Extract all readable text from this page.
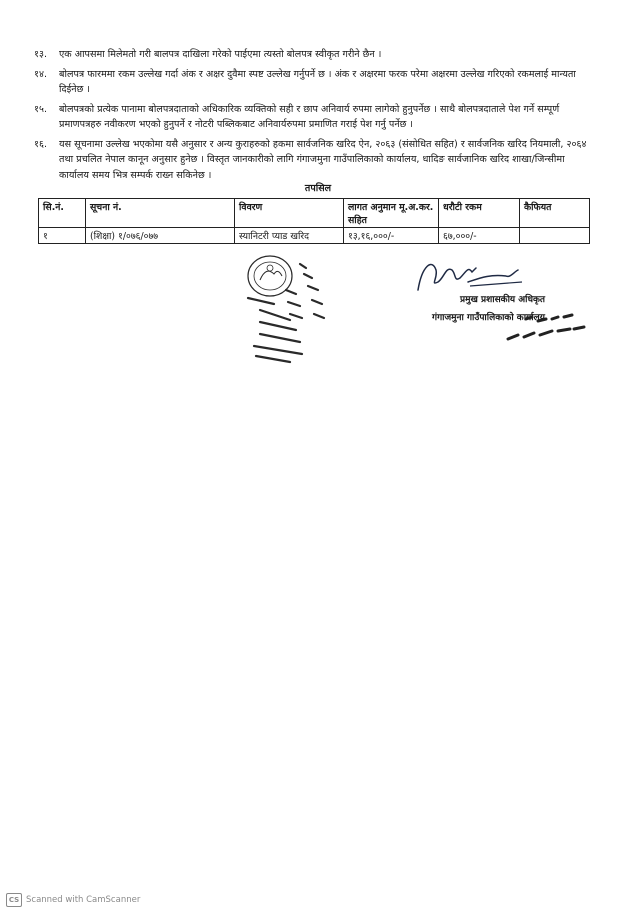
१३.	एक आपसमा मिलेमतो गरी बालपत्र दाखिला गरेको पाईएमा त्यस्तो बोलपत्र स्वीकृत गरीने छैन ।
१४.	बोलपत्र फारममा रकम उल्लेख गर्दा अंक र अक्षर दुवैमा स्पष्ट उल्लेख गर्नुपर्ने छ । अंक र अक्षरमा फरक परेमा अक्षरमा उल्लेख गरिएको रकमलाई मान्यता दिईनेछ ।
१५.	बोलपत्रको प्रत्येक पानामा बोलपत्रदाताको अधिकारिक व्यक्तिको सही र छाप अनिवार्य रुपमा लागेको हुनुपर्नेछ । साथै बोलपत्रदाताले पेश गर्ने सम्पूर्ण प्रमाणपत्रहरु नवीकरण भएको हुनुपर्ने र नोटरी पब्लिकबाट अनिवार्यरुपमा प्रमाणित गराई पेश गर्नु पर्नेछ ।
१६.	यस सूचनामा उल्लेख भएकोमा यसै अनुसार र अन्य कुराहरुको हकमा सार्वजनिक खरिद ऐन, २०६३ (संसोधित सहित) र सार्वजनिक खरिद नियमाली, २०६४ तथा प्रचलित नेपाल कानून अनुसार हुनेछ । विस्तृत जानकारीको लागि गंगाजमुना गाउँपालिकाको कार्यालय, धादिङ सार्वजानिक खरिद शाखा/जिन्सीमा कार्यालय समय भित्र सम्पर्क राख्न सकिनेछ ।
तपसिल
सि.नं.	सूचना नं.	विवरण	लागत अनुमान मू.अ.कर. सहित	धरौटी रकम	कैफियत
१	(शिक्षा) १/०७६/०७७	स्यानिटरी प्याड खरिद	१३,१६,०००/-	६७,०००/-	
प्रमुख प्रशासकीय अधिकृत
गंगाजमुना गाउँपालिकाको कार्यालय
CS Scanned with CamScanner
